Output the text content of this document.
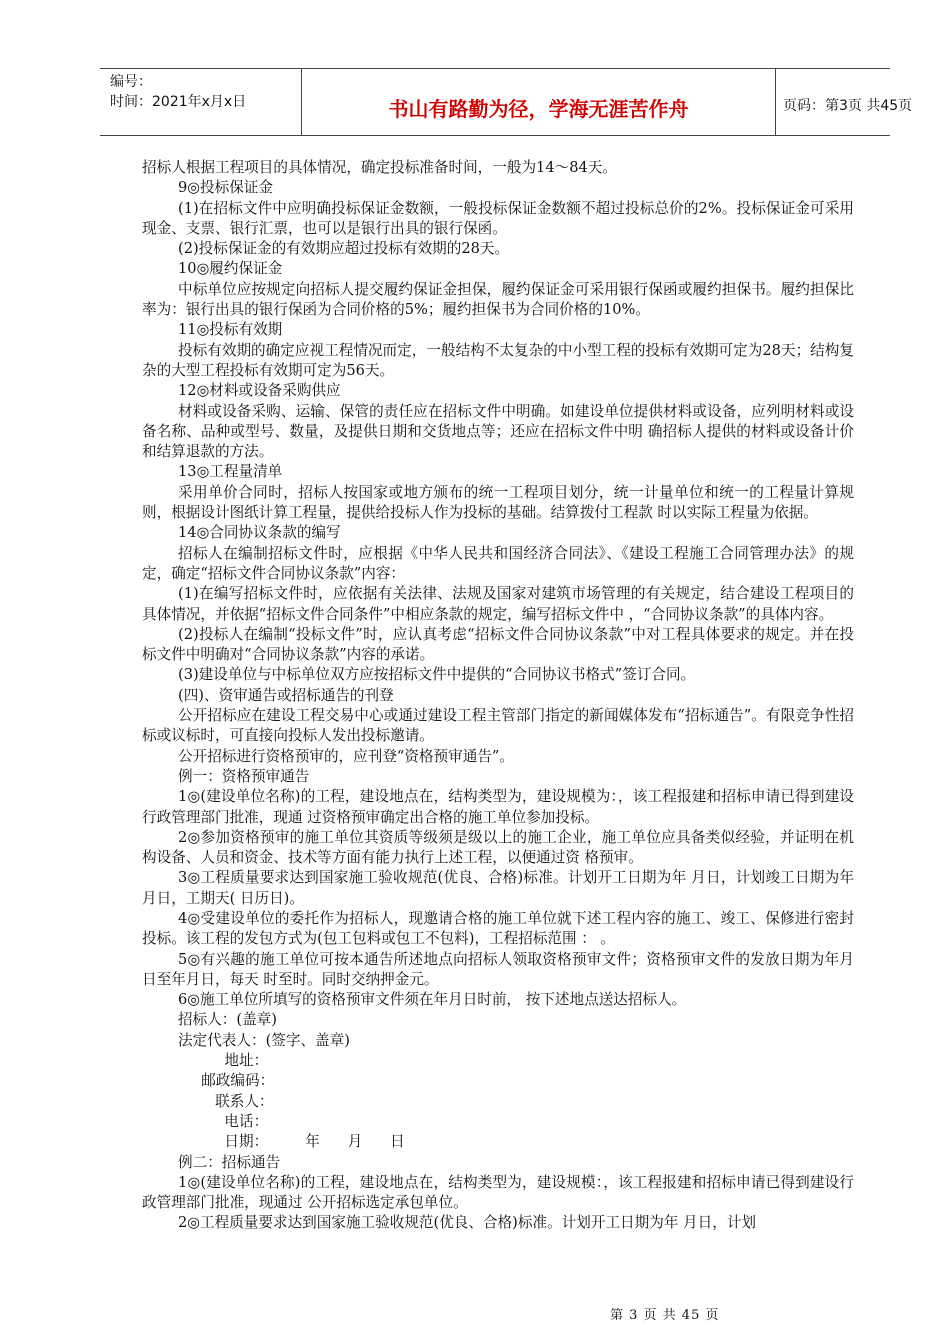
编号：
时间：2021年x月x日	书山有路勤为径，学海无涯苦作舟	页码：第3页 共45页

招标人根据工程项目的具体情况，确定投标准备时间，一般为14～84天。

9◎投标保证金

(1)在招标文件中应明确投标保证金数额，一般投标保证金数额不超过投标总价的2%。投标保证金可采用现金、支票、银行汇票，也可以是银行出具的银行保函。

(2)投标保证金的有效期应超过投标有效期的28天。

10◎履约保证金

中标单位应按规定向招标人提交履约保证金担保，履约保证金可采用银行保函或履约担保书。履约担保比率为：银行出具的银行保函为合同价格的5%；履约担保书为合同价格的10%。

11◎投标有效期

投标有效期的确定应视工程情况而定，一般结构不太复杂的中小型工程的投标有效期可定为28天；结构复杂的大型工程投标有效期可定为56天。

12◎材料或设备采购供应

材料或设备采购、运输、保管的责任应在招标文件中明确。如建设单位提供材料或设备，应列明材料或设备名称、品种或型号、数量，及提供日期和交货地点等；还应在招标文件中明 确招标人提供的材料或设备计价和结算退款的方法。

13◎工程量清单

采用单价合同时，招标人按国家或地方颁布的统一工程项目划分，统一计量单位和统一的工程量计算规则，根据设计图纸计算工程量，提供给投标人作为投标的基础。结算拨付工程款 时以实际工程量为依据。

14◎合同协议条款的编写

招标人在编制招标文件时，应根据《中华人民共和国经济合同法》、《建设工程施工合同管理办法》的规定，确定“招标文件合同协议条款”内容：

(1)在编写招标文件时，应依据有关法律、法规及国家对建筑市场管理的有关规定，结合建设工程项目的具体情况，并依据“招标文件合同条件”中相应条款的规定，编写招标文件中 ，“合同协议条款”的具体内容。

(2)投标人在编制“投标文件”时，应认真考虑“招标文件合同协议条款”中对工程具体要求的规定。并在投标文件中明确对“合同协议条款”内容的承诺。

(3)建设单位与中标单位双方应按招标文件中提供的“合同协议书格式”签订合同。

(四)、资审通告或招标通告的刊登

公开招标应在建设工程交易中心或通过建设工程主管部门指定的新闻媒体发布“招标通告”。有限竞争性招标或议标时，可直接向投标人发出投标邀请。

公开招标进行资格预审的，应刊登“资格预审通告”。

例一：资格预审通告

1◎(建设单位名称)的工程，建设地点在，结构类型为，建设规模为：，该工程报建和招标申请已得到建设行政管理部门批准，现通 过资格预审确定出合格的施工单位参加投标。

2◎参加资格预审的施工单位其资质等级须是级以上的施工企业，施工单位应具备类似经验，并证明在机构设备、人员和资金、技术等方面有能力执行上述工程，以便通过资 格预审。

3◎工程质量要求达到国家施工验收规范(优良、合格)标准。计划开工日期为年 月日，计划竣工日期为年月日，工期天( 日历日)。

4◎受建设单位的委托作为招标人，现邀请合格的施工单位就下述工程内容的施工、竣工、保修进行密封投标。该工程的发包方式为(包工包料或包工不包料)，工程招标范围 ： 。

5◎有兴趣的施工单位可按本通告所述地点向招标人领取资格预审文件；资格预审文件的发放日期为年月日至年月日，每天 时至时。同时交纳押金元。

6◎施工单位所填写的资格预审文件须在年月日时前， 按下述地点送达招标人。

招标人：(盖章)

法定代表人：(签字、盖章)

地址：

邮政编码：

联系人：

电话：

日期：        年      月      日

例二：招标通告

1◎(建设单位名称)的工程，建设地点在，结构类型为，建设规模：，该工程报建和招标申请已得到建设行政管理部门批准，现通过 公开招标选定承包单位。

2◎工程质量要求达到国家施工验收规范(优良、合格)标准。计划开工日期为年 月日，计划

第 3 页 共 45 页
